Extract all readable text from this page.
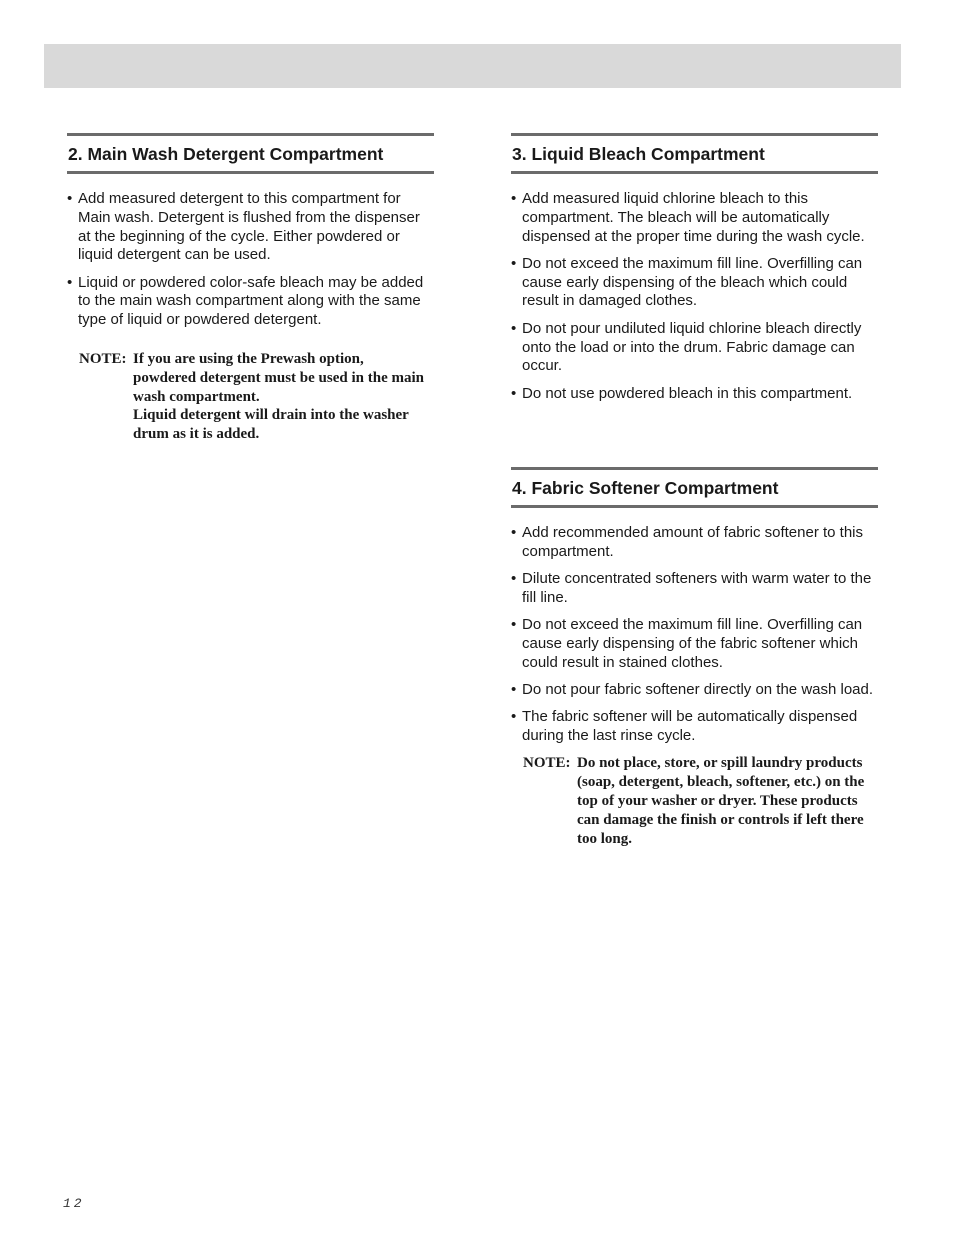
2. Main Wash Detergent Compartment
• Add measured detergent to this compartment for Main wash. Detergent is flushed from the dispenser at the beginning of the cycle. Either powdered or liquid detergent can be used.
• Liquid or powdered color-safe bleach may be added to the main wash compartment along with the same type of liquid or powdered detergent.
NOTE: If you are using the Prewash option, powdered detergent must be used in the main wash compartment.
Liquid detergent will drain into the washer drum as it is added.
3. Liquid Bleach Compartment
• Add measured liquid chlorine bleach to this compartment. The bleach will be automatically dispensed at the proper time during the wash cycle.
• Do not exceed the maximum fill line. Overfilling can cause early dispensing of the bleach which could result in damaged clothes.
• Do not pour undiluted liquid chlorine bleach directly onto the load or into the drum. Fabric damage can occur.
• Do not use powdered bleach in this compartment.
4. Fabric Softener Compartment
• Add recommended amount of fabric softener to this compartment.
• Dilute concentrated softeners with warm water to the fill line.
• Do not exceed the maximum fill line. Overfilling can cause early dispensing of the fabric softener which could result in stained clothes.
• Do not pour fabric softener directly on the wash load.
• The fabric softener will be automatically dispensed during the last rinse cycle.
NOTE: Do not place, store, or spill laundry products (soap, detergent, bleach, softener, etc.) on the top of your washer or dryer. These products can damage the finish or controls if left there too long.
12
